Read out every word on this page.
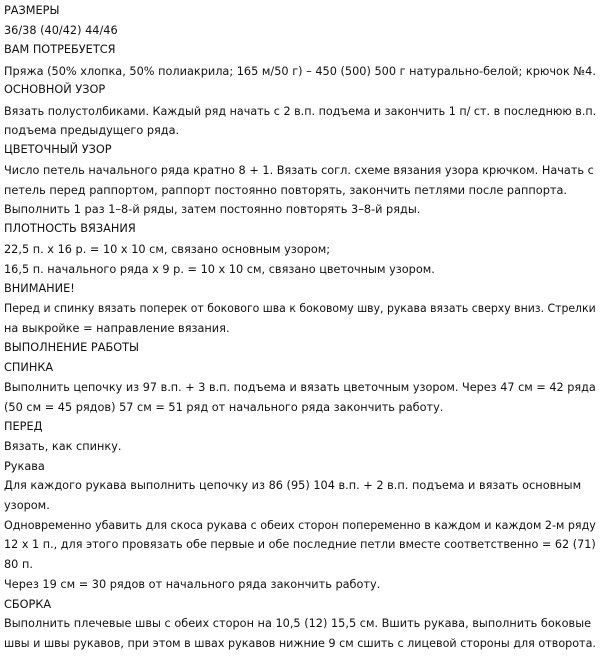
РАЗМЕРЫ
36/38 (40/42) 44/46
ВАМ ПОТРЕБУЕТСЯ
Пряжа (50% хлопка, 50% полиакрила; 165 м/50 г) – 450 (500) 500 г натурально-белой; крючок №4.
ОСНОВНОЙ УЗОР
Вязать полустолбиками. Каждый ряд начать с 2 в.п. подъема и закончить 1 п/ ст. в последнюю в.п.
подъема предыдущего ряда.
ЦВЕТОЧНЫЙ УЗОР
Число петель начального ряда кратно 8 + 1. Вязать согл. схеме вязания узора крючком. Начать с
петель перед раппортом, раппорт постоянно повторять, закончить петлями после раппорта.
Выполнить 1 раз 1–8-й ряды, затем постоянно повторять 3–8-й ряды.
ПЛОТНОСТЬ ВЯЗАНИЯ
22,5 п. х 16 р. = 10 х 10 см, связано основным узором;
16,5 п. начального ряда х 9 р. = 10 х 10 см, связано цветочным узором.
ВНИМАНИЕ!
Перед и спинку вязать поперек от бокового шва к боковому шву, рукава вязать сверху вниз. Стрелки
на выкройке = направление вязания.
ВЫПОЛНЕНИЕ РАБОТЫ
СПИНКА
Выполнить цепочку из 97 в.п. + 3 в.п. подъема и вязать цветочным узором. Через 47 см = 42 ряда
(50 см = 45 рядов) 57 см = 51 ряд от начального ряда закончить работу.
ПЕРЕД
Вязать, как спинку.
Рукава
Для каждого рукава выполнить цепочку из 86 (95) 104 в.п. + 2 в.п. подъема и вязать основным
узором.
Одновременно убавить для скоса рукава с обеих сторон попеременно в каждом и каждом 2-м ряду
12 х 1 п., для этого провязать обе первые и обе последние петли вместе соответственно = 62 (71)
80 п.
Через 19 см = 30 рядов от начального ряда закончить работу.
СБОРКА
Выполнить плечевые швы с обеих сторон на 10,5 (12) 15,5 см. Вшить рукава, выполнить боковые
швы и швы рукавов, при этом в швах рукавов нижние 9 см сшить с лицевой стороны для отворота.
